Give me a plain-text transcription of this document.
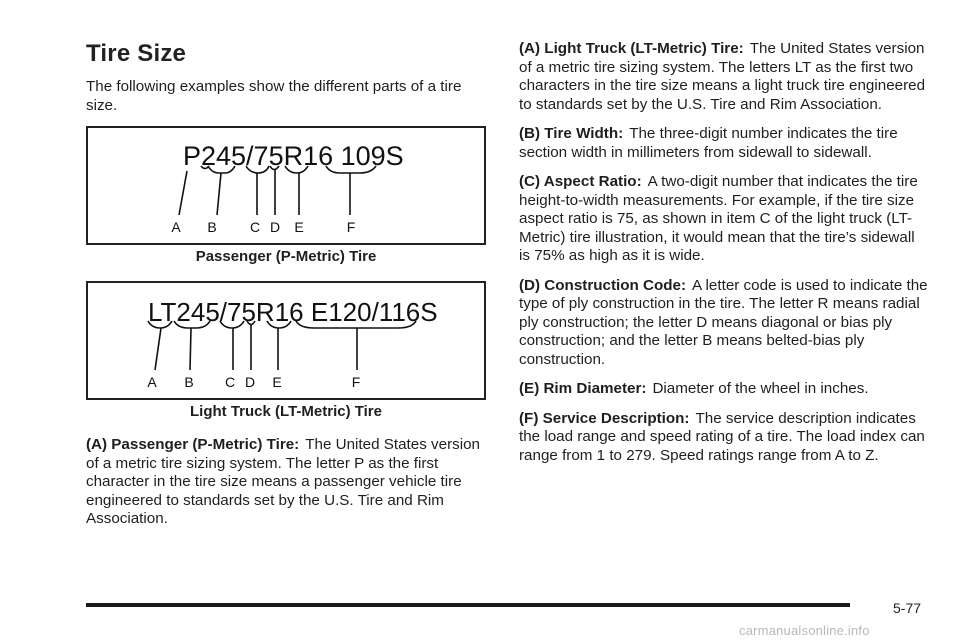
Tire Size

The following examples show the different parts of a tire size.

P245/75R16 109S
A B C D E	F
Passenger (P-Metric) Tire
LT245/75R16 E120/116S
A B C D E	F
Light Truck (LT-Metric) Tire

(A) Passenger (P-Metric) Tire: The United States version of a metric tire sizing system. The letter P as the first character in the tire size means a passenger vehicle tire engineered to standards set by the U.S. Tire and Rim Association.

(A) Light Truck (LT-Metric) Tire: The United States version of a metric tire sizing system. The letters LT as the first two characters in the tire size means a light truck tire engineered to standards set by the U.S. Tire and Rim Association.

(B) Tire Width: The three-digit number indicates the tire section width in millimeters from sidewall to sidewall.

(C) Aspect Ratio: A two-digit number that indicates the tire height-to-width measurements. For example, if the tire size aspect ratio is 75, as shown in item C of the light truck (LT-Metric) tire illustration, it would mean that the tire’s sidewall is 75% as high as it is wide.

(D) Construction Code: A letter code is used to indicate the type of ply construction in the tire. The letter R means radial ply construction; the letter D means diagonal or bias ply construction; and the letter B means belted-bias ply construction.

(E) Rim Diameter: Diameter of the wheel in inches.

(F) Service Description: The service description indicates the load range and speed rating of a tire. The load index can range from 1 to 279. Speed ratings range from A to Z.

5-77
carmanualsonline.info
